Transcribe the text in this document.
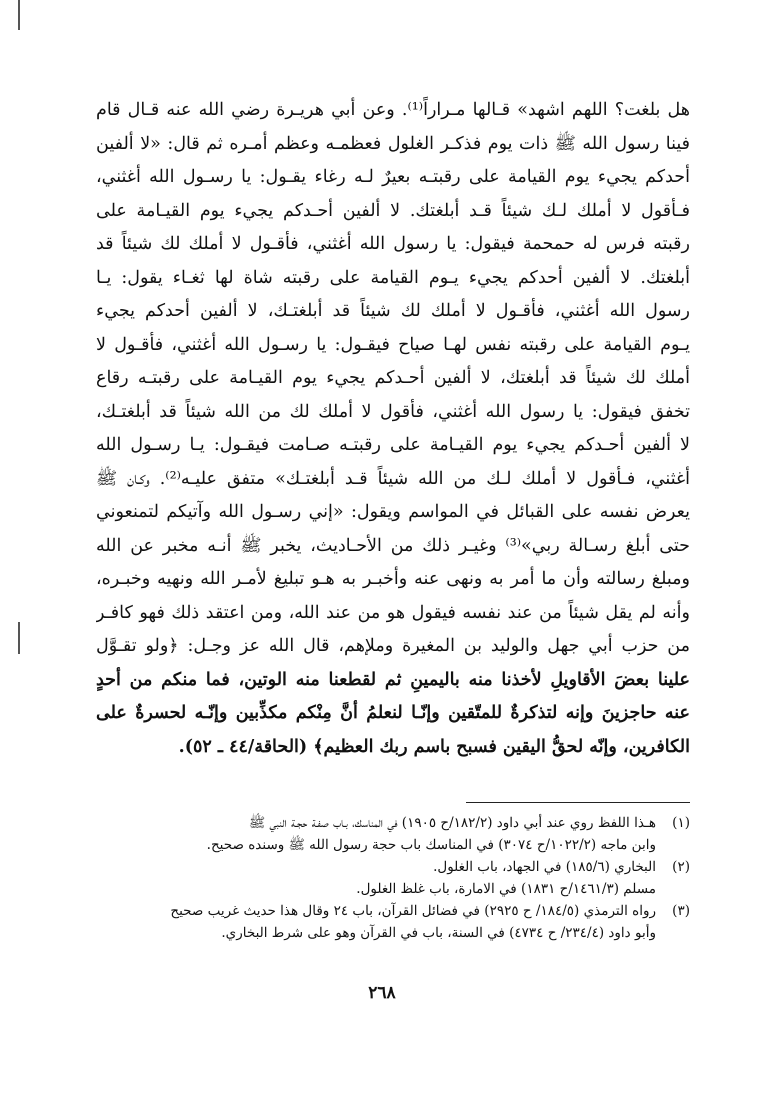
هل بلغت؟ اللهم اشهد» قـالها مـراراً⁽¹⁾. وعن أبي هريـرة رضي الله عنه قـال قام
فينا رسول الله ﷺ ذات يوم فذكـر الغلول فعظمـه وعظم أمـره ثم قال: «لا ألفين
أحدكم يجيء يوم القيامة على رقبتـه بعيرٌ لـه رغاء يقـول: يا رسـول الله أغثني،
فـأقول لا أملك لـك شيئاً قـد أبلغتك. لا ألفين أحـدكم يجيء يوم القيـامة على
رقبته فرس له حمحمة فيقول: يا رسول الله أغثني، فأقـول لا أملك لك شيئاً قد
أبلغتك. لا ألفين أحدكم يجيء يـوم القيامة على رقبته شاة لها ثغـاء يقول: يـا
رسول الله أغثني، فأقـول لا أملك لك شيئاً قد أبلغتـك، لا ألفين أحدكم يجيء
يـوم القيامة على رقبته نفس لهـا صياح فيقـول: يا رسـول الله أغثني، فأقـول لا
أملك لك شيئاً قد أبلغتك، لا ألفين أحـدكم يجيء يوم القيـامة على رقبتـه رقاع
تخفق فيقول: يا رسول الله أغثني، فأقول لا أملك لك من الله شيئاً قد أبلغتـك،
لا ألفين أحـدكم يجيء يوم القيـامة على رقبتـه صـامت فيقـول: يـا رسـول الله
أغثني، فـأقول لا أملك لـك من الله شيئاً قـد أبلغتـك» متفق عليـه⁽²⁾. وكـان ﷺ
يعرض نفسه على القبائل في المواسم ويقول: «إني رسـول الله وآتيكم لتمنعوني
حتى أبلغ رسـالة ربي»⁽³⁾ وغيـر ذلك من الأحـاديث، يخبر ﷺ أنـه مخبر عن الله
ومبلغ رسالته وأن ما أمر به ونهى عنه وأخبـر به هـو تبليغ لأمـر الله ونهيه وخبـره،
وأنه لم يقل شيئاً من عند نفسه فيقول هو من عند الله، ومن اعتقد ذلك فهو كافـر
من حزب أبي جهل والوليد بن المغيرة وملإهم، قال الله عز وجـل: ﴿ولو تقـوَّل
علينا بعضَ الأقاويلِ لأخذنا منه باليمينِ ثم لقطعنا منه الوتين، فما منكم من أحدٍ
عنه حاجزينَ وإنه لتذكرةٌ للمتّقين وإنّـا لنعلمُ أنَّ مِنْكم مكذِّبين وإنّـه لحسرةٌ على
الكافرين، وإنّه لحقُّ اليقين فسبح باسم ربك العظيم﴾ (الحاقة/٤٤ ـ ٥٢).
(١)
هـذا اللفظ روي عند أبي داود (١٨٢/٢/ح ١٩٠٥) في المناسك، بـاب صفـة حجـة النبي ﷺ
وابن ماجه (١٠٢٢/٢/ح ٣٠٧٤) في المناسك باب حجة رسول الله ﷺ وسنده صحيح.
(٢)
البخاري (١٨٥/٦) في الجهاد، باب الغلول.
مسلم (١٤٦١/٣/ح ١٨٣١) في الامارة، باب غلظ الغلول.
(٣)
رواه الترمذي (١٨٤/٥/ ح ٢٩٢٥) في فضائل القرآن، باب ٢٤ وقال هذا حديث غريب صحيح
وأبو داود (٢٣٤/٤/ ح ٤٧٣٤) في السنة، باب في القرآن وهو على شرط البخاري.
٢٦٨
